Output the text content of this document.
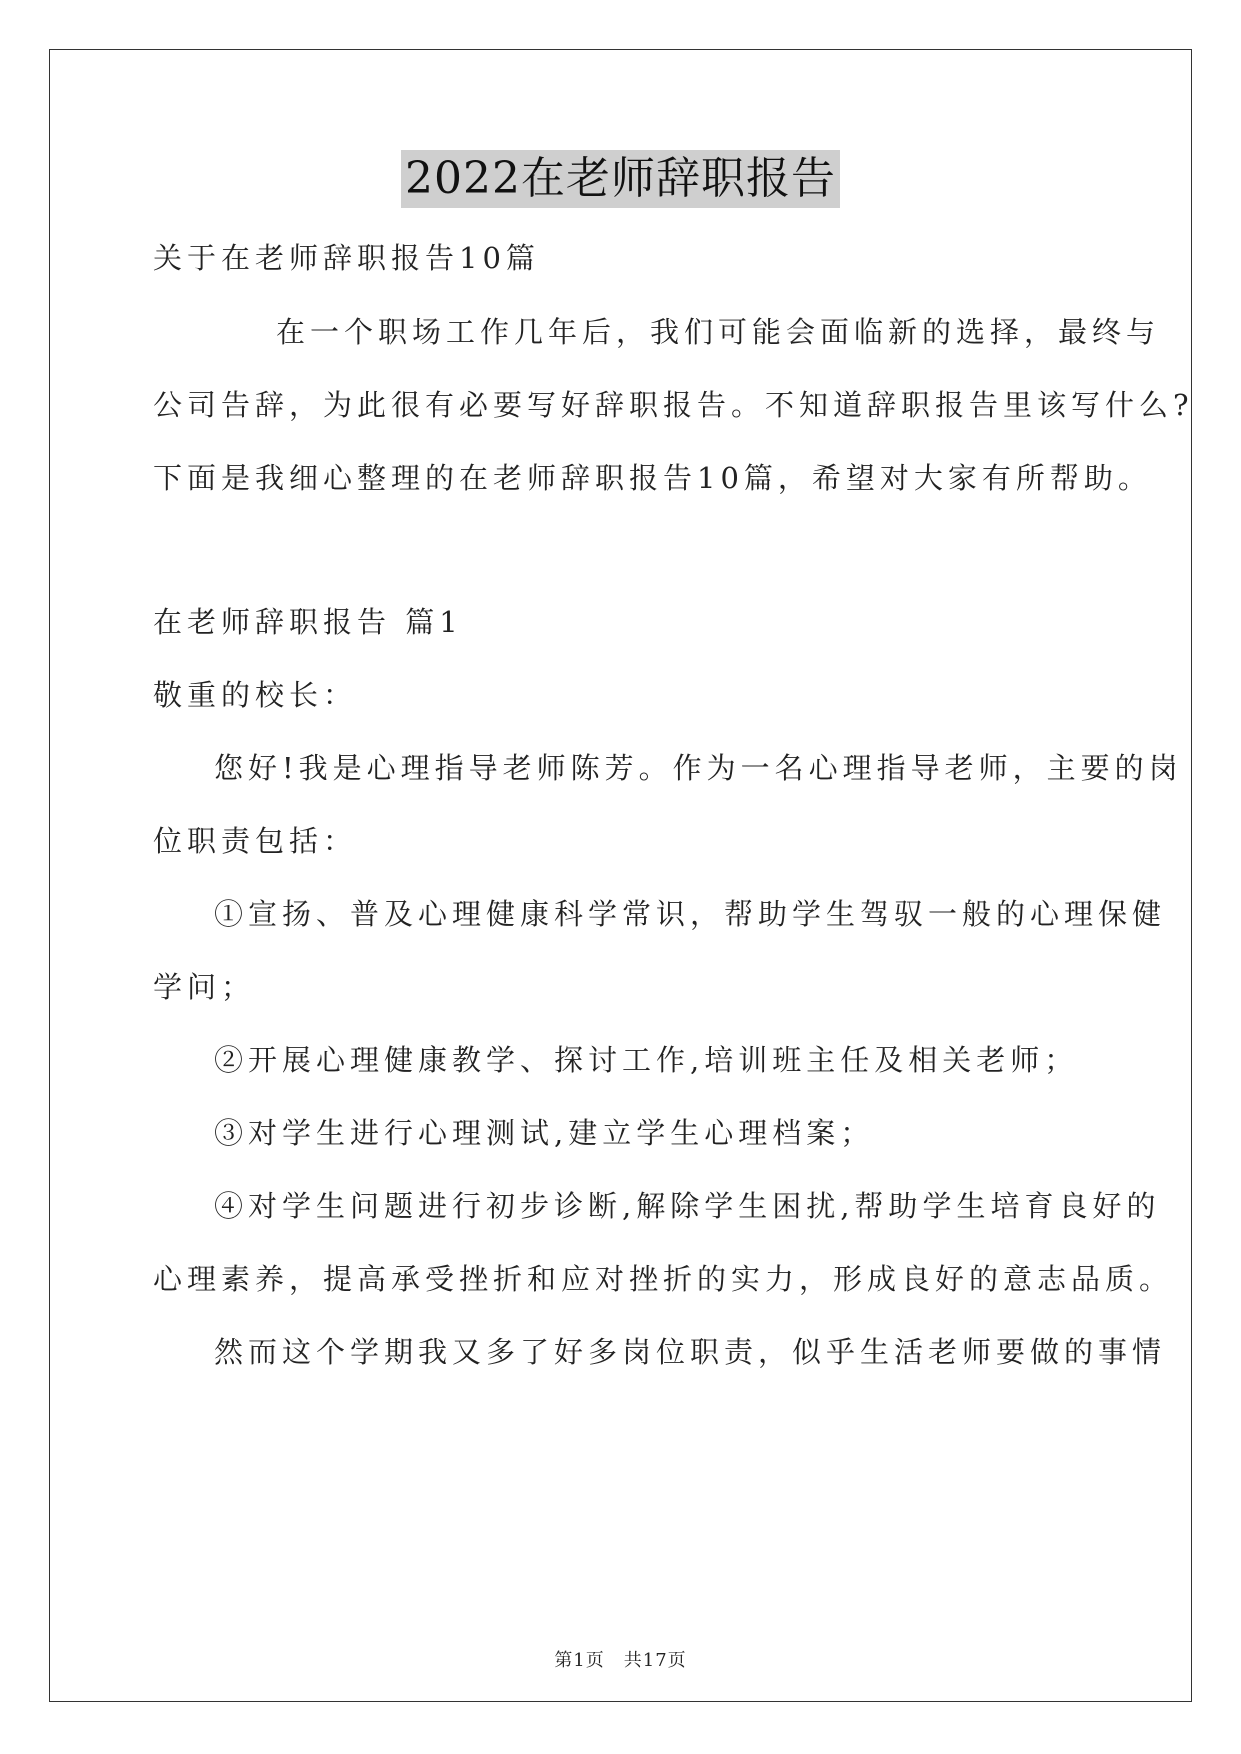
2022在老师辞职报告
关于在老师辞职报告10篇
在一个职场工作几年后，我们可能会面临新的选择，最终与
公司告辞，为此很有必要写好辞职报告。不知道辞职报告里该写什么?
下面是我细心整理的在老师辞职报告10篇，希望对大家有所帮助。
在老师辞职报告 篇1
敬重的校长：
您好!我是心理指导老师陈芳。作为一名心理指导老师，主要的岗
位职责包括：
①宣扬、普及心理健康科学常识，帮助学生驾驭一般的心理保健
学问；
②开展心理健康教学、探讨工作,培训班主任及相关老师；
③对学生进行心理测试,建立学生心理档案；
④对学生问题进行初步诊断,解除学生困扰,帮助学生培育良好的
心理素养，提高承受挫折和应对挫折的实力，形成良好的意志品质。
然而这个学期我又多了好多岗位职责，似乎生活老师要做的事情
第1页　共17页
